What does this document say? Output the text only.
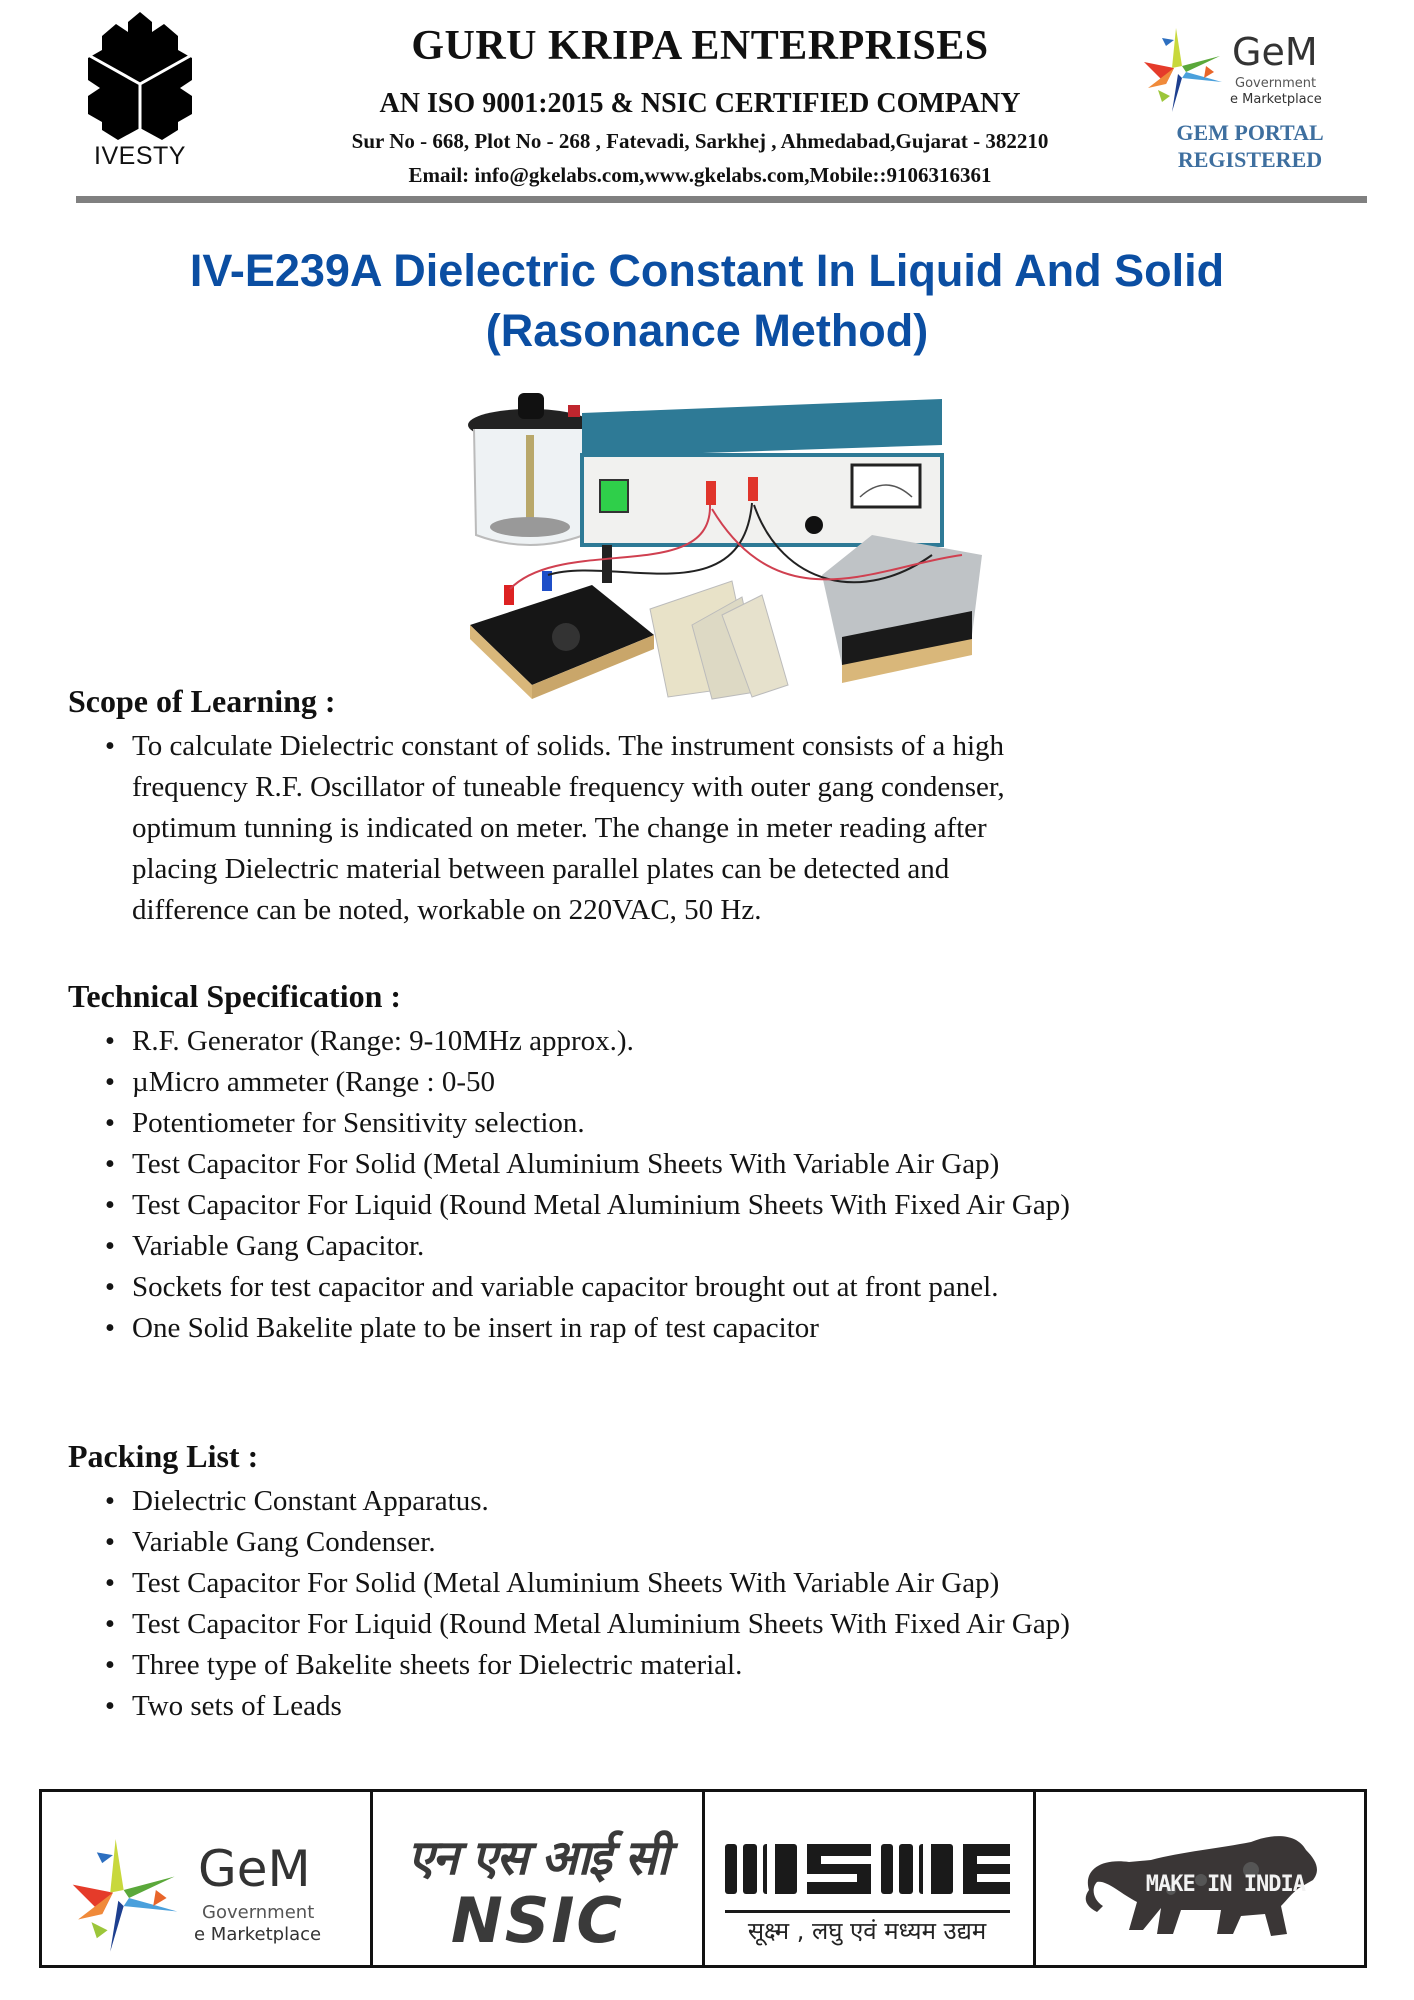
IVESTY
GURU KRIPA ENTERPRISES
AN ISO 9001:2015 & NSIC CERTIFIED COMPANY
Sur No - 668, Plot No - 268 , Fatevadi, Sarkhej , Ahmedabad,Gujarat - 382210
Email: info@gkelabs.com,www.gkelabs.com,Mobile::9106316361
GeM
Government
e Marketplace
GEM PORTAL
REGISTERED
IV-E239A Dielectric Constant In Liquid And Solid
(Rasonance Method)
Scope of Learning :
• To calculate Dielectric constant of solids. The instrument consists of a high
frequency R.F. Oscillator of tuneable frequency with outer gang condenser,
optimum tunning is indicated on meter. The change in meter reading after
placing Dielectric material between parallel plates can be detected and
difference can be noted, workable on 220VAC, 50 Hz.
Technical Specification :
• R.F. Generator (Range: 9-10MHz approx.).
• µMicro ammeter (Range : 0-50
• Potentiometer for Sensitivity selection.
• Test Capacitor For Solid (Metal Aluminium Sheets With Variable Air Gap)
• Test Capacitor For Liquid (Round Metal Aluminium Sheets With Fixed Air Gap)
• Variable Gang Capacitor.
• Sockets for test capacitor and variable capacitor brought out at front panel.
• One Solid Bakelite plate to be insert in rap of test capacitor
Packing List :
• Dielectric Constant Apparatus.
• Variable Gang Condenser.
• Test Capacitor For Solid (Metal Aluminium Sheets With Variable Air Gap)
• Test Capacitor For Liquid (Round Metal Aluminium Sheets With Fixed Air Gap)
• Three type of Bakelite sheets for Dielectric material.
• Two sets of Leads
GeM
Government
e Marketplace
एन एस आई सी
NSIC	सूक्ष्म , लघु एवं मध्यम उद्यम
MAKE IN INDIA
